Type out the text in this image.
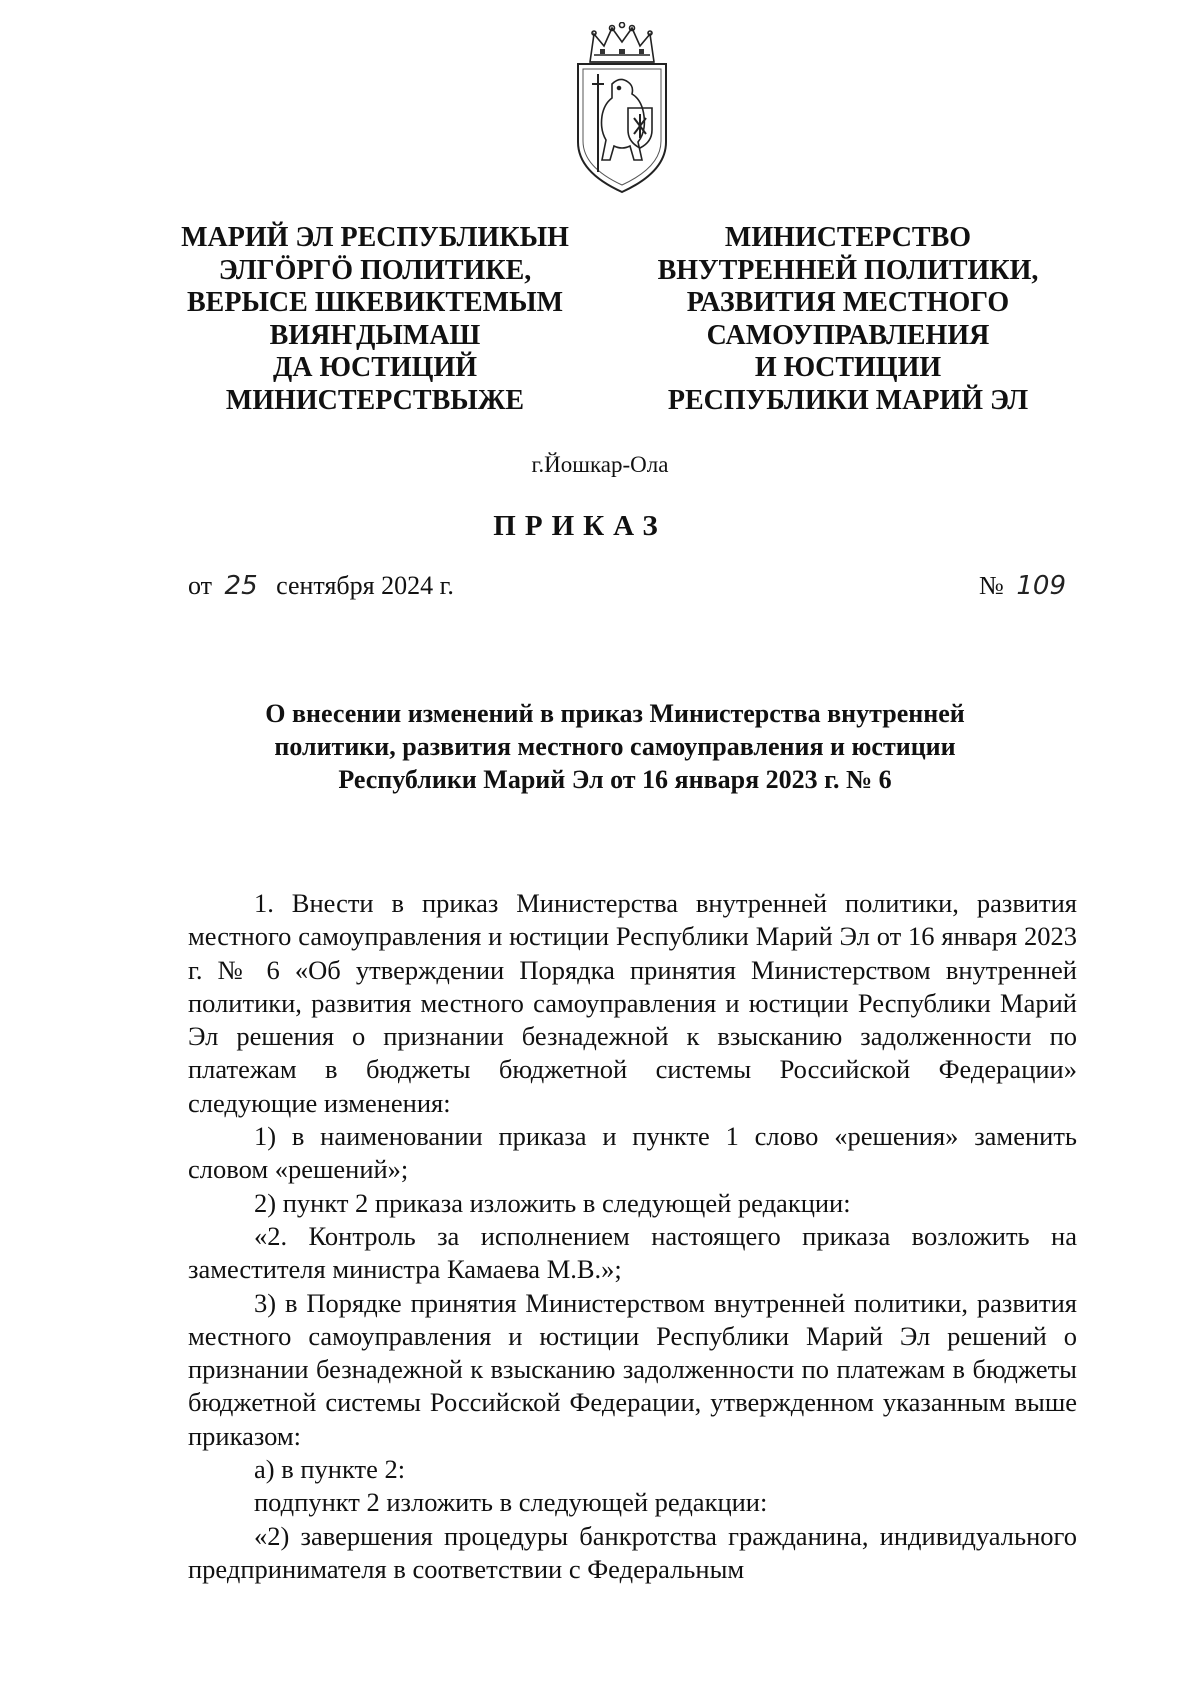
МАРИЙ ЭЛ РЕСПУБЛИКЫН
ЭЛГӦРГӦ ПОЛИТИКЕ,
ВЕРЫСЕ ШКЕВИКТЕМЫМ
ВИЯҤДЫМАШ
ДА ЮСТИЦИЙ
МИНИСТЕРСТВЫЖЕ
МИНИСТЕРСТВО
ВНУТРЕННЕЙ ПОЛИТИКИ,
РАЗВИТИЯ МЕСТНОГО
САМОУПРАВЛЕНИЯ
И ЮСТИЦИИ
РЕСПУБЛИКИ МАРИЙ ЭЛ
г.Йошкар-Ола
ПРИКАЗ
от 25 сентября 2024 г.	№ 109
О внесении изменений в приказ Министерства внутренней
политики, развития местного самоуправления и юстиции
Республики Марий Эл от 16 января 2023 г. № 6

1. Внести в приказ Министерства внутренней политики, развития местного самоуправления и юстиции Республики Марий Эл от 16 января 2023 г. № 6 «Об утверждении Порядка принятия Министерством внутренней политики, развития местного самоуправления и юстиции Республики Марий Эл решения о признании безнадежной к взысканию задолженности по платежам в бюджеты бюджетной системы Российской Федерации» следующие изменения:

1) в наименовании приказа и пункте 1 слово «решения» заменить словом «решений»;

2) пункт 2 приказа изложить в следующей редакции:

«2. Контроль за исполнением настоящего приказа возложить на заместителя министра Камаева М.В.»;

3) в Порядке принятия Министерством внутренней политики, развития местного самоуправления и юстиции Республики Марий Эл решений о признании безнадежной к взысканию задолженности по платежам в бюджеты бюджетной системы Российской Федерации, утвержденном указанным выше приказом:

а) в пункте 2:

подпункт 2 изложить в следующей редакции:

«2) завершения процедуры банкротства гражданина, индивидуального предпринимателя в соответствии с Федеральным
